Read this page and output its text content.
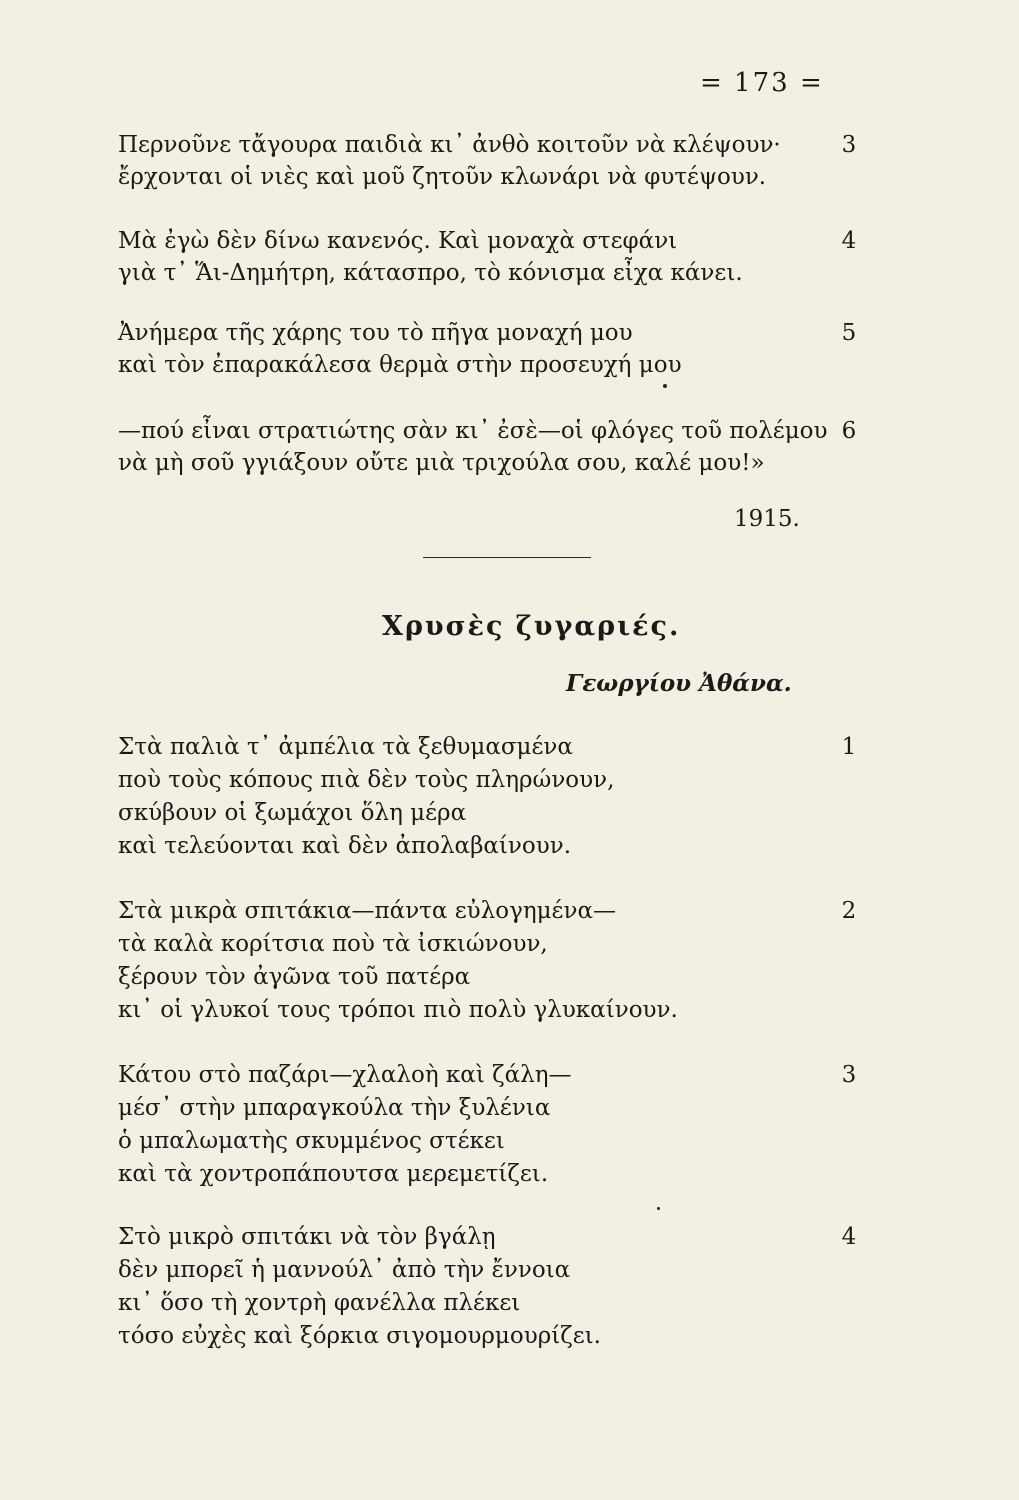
= 173 =
Περνοῦνε τἄγουρα παιδιὰ κι᾽ ἀνθὸ κοιτοῦν νὰ κλέψουν·	3
ἔρχονται οἱ νιὲς καὶ μοῦ ζητοῦν κλωνάρι νὰ φυτέψουν.
Μὰ ἐγὼ δὲν δίνω κανενός. Καὶ μοναχὰ στεφάνι	4
γιὰ τ᾽ Ἅι-Δημήτρη, κάτασπρο, τὸ κόνισμα εἶχα κάνει.
Ἀνήμερα τῆς χάρης του τὸ πῆγα μοναχή μου	5
καὶ τὸν ἐπαρακάλεσα θερμὰ στὴν προσευχή μου
—πού εἶναι στρατιώτης σὰν κι᾽ ἐσὲ—οἱ φλόγες τοῦ πολέμου 6
νὰ μὴ σοῦ γγιάξουν οὔτε μιὰ τριχούλα σου, καλέ μου!»
1915.
Χρυσὲς ζυγαριές.
Γεωργίου Ἀθάνα.
Στὰ παλιὰ τ᾽ ἀμπέλια τὰ ξεθυμασμένα	1
ποὺ τοὺς κόπους πιὰ δὲν τοὺς πληρώνουν,
σκύβουν οἱ ξωμάχοι ὅλη μέρα
καὶ τελεύονται καὶ δὲν ἀπολαβαίνουν.
Στὰ μικρὰ σπιτάκια—πάντα εὐλογημένα—	2
τὰ καλὰ κορίτσια ποὺ τὰ ἰσκιώνουν,
ξέρουν τὸν ἀγῶνα τοῦ πατέρα
κι᾽ οἱ γλυκοί τους τρόποι πιὸ πολὺ γλυκαίνουν.
Κάτου στὸ παζάρι—χλαλοὴ καὶ ζάλη—	3
μέσ᾽ στὴν μπαραγκούλα τὴν ξυλένια
ὁ μπαλωματὴς σκυμμένος στέκει
καὶ τὰ χοντροπάπουτσα μερεμετίζει.
Στὸ μικρὸ σπιτάκι νὰ τὸν βγάλῃ	4
δὲν μπορεῖ ἡ μαννούλ᾽ ἀπὸ τὴν ἔννοια
κι᾽ ὅσο τὴ χοντρὴ φανέλλα πλέκει
τόσο εὐχὲς καὶ ξόρκια σιγομουρμουρίζει.
